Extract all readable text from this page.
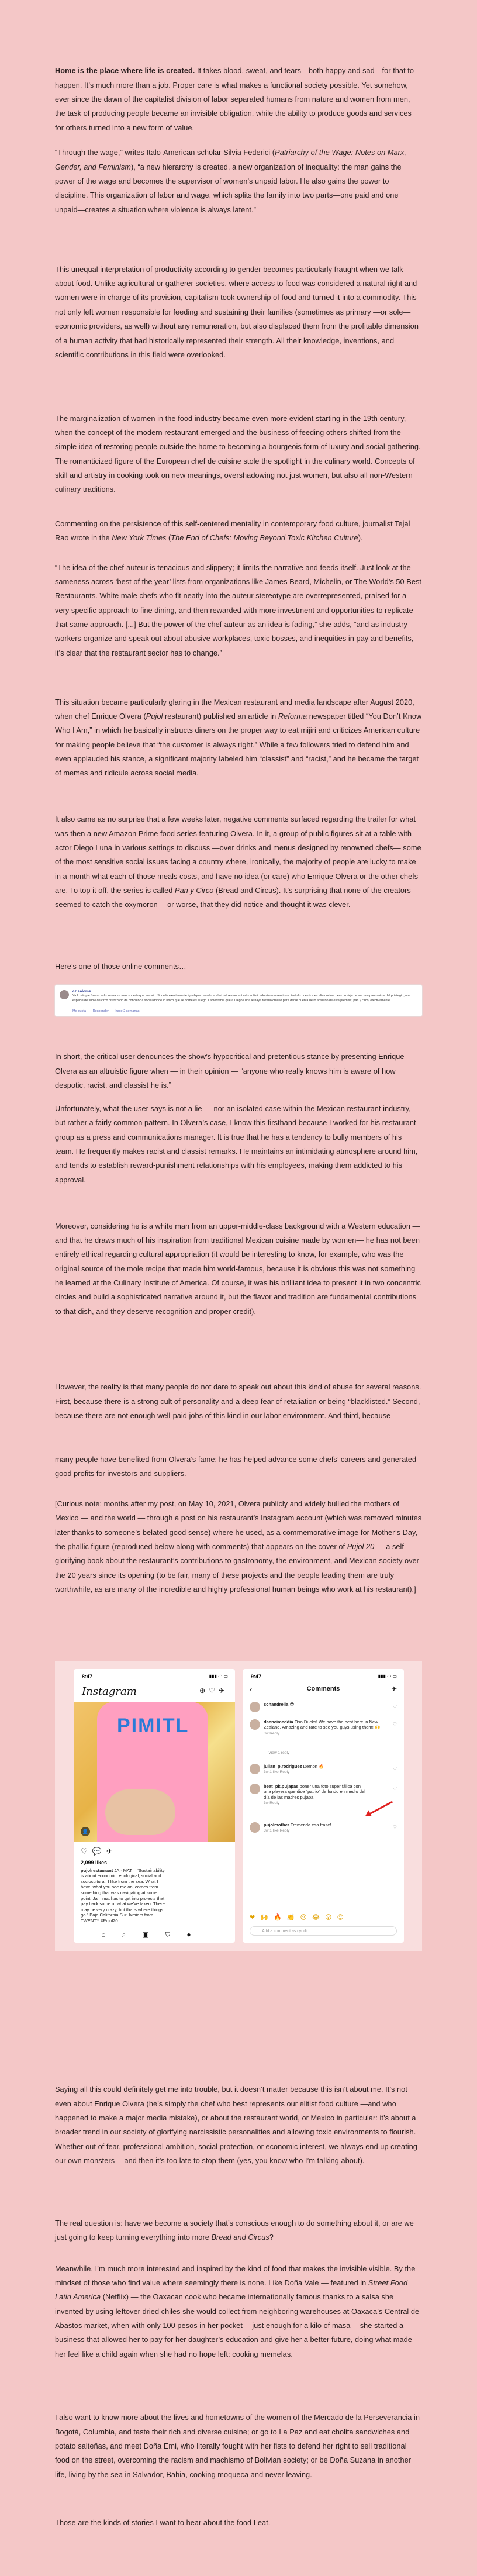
Home is the place where life is created. It takes blood, sweat, and tears—both happy and sad—for that to happen. It’s much more than a job. Proper care is what makes a functional society possible. Yet somehow, ever since the dawn of the capitalist division of labor separated humans from nature and women from men, the task of producing people became an invisible obligation, while the ability to produce goods and services for others turned into a new form of value.

“Through the wage,” writes Italo-American scholar Silvia Federici (Patriarchy of the Wage: Notes on Marx, Gender, and Feminism), “a new hierarchy is created, a new organization of inequality: the man gains the power of the wage and becomes the supervisor of women’s unpaid labor. He also gains the power to discipline. This organization of labor and wage, which splits the family into two parts—one paid and one unpaid—creates a situation where violence is always latent.”

This unequal interpretation of productivity according to gender becomes particularly fraught when we talk about food. Unlike agricultural or gatherer societies, where access to food was considered a natural right and women were in charge of its provision, capitalism took ownership of food and turned it into a commodity. This not only left women responsible for feeding and sustaining their families (sometimes as primary —or sole— economic providers, as well) without any remuneration, but also displaced them from the profitable dimension of a human activity that had historically represented their strength. All their knowledge, inventions, and scientific contributions in this field were overlooked.

The marginalization of women in the food industry became even more evident starting in the 19th century, when the concept of the modern restaurant emerged and the business of feeding others shifted from the simple idea of restoring people outside the home to becoming a bourgeois form of luxury and social gathering. The romanticized figure of the European chef de cuisine stole the spotlight in the culinary world. Concepts of skill and artistry in cooking took on new meanings, overshadowing not just women, but also all non-Western culinary traditions.

Commenting on the persistence of this self-centered mentality in contemporary food culture, journalist Tejal Rao wrote in the New York Times (The End of Chefs: Moving Beyond Toxic Kitchen Culture).

“The idea of the chef-auteur is tenacious and slippery; it limits the narrative and feeds itself. Just look at the sameness across ‘best of the year’ lists from organizations like James Beard, Michelin, or The World’s 50 Best Restaurants. White male chefs who fit neatly into the auteur stereotype are overrepresented, praised for a very specific approach to fine dining, and then rewarded with more investment and opportunities to replicate that same approach. [...] But the power of the chef-auteur as an idea is fading,” she adds, “and as industry workers organize and speak out about abusive workplaces, toxic bosses, and inequities in pay and benefits, it’s clear that the restaurant sector has to change.”

This situation became particularly glaring in the Mexican restaurant and media landscape after August 2020, when chef Enrique Olvera (Pujol restaurant) published an article in Reforma newspaper titled “You Don’t Know Who I Am,” in which he basically instructs diners on the proper way to eat mijiri and criticizes American culture for making people believe that “the customer is always right.” While a few followers tried to defend him and even applauded his stance, a significant majority labeled him “classist” and “racist,” and he became the target of memes and ridicule across social media.

It also came as no surprise that a few weeks later, negative comments surfaced regarding the trailer for what was then a new Amazon Prime food series featuring Olvera. In it, a group of public figures sit at a table with actor Diego Luna in various settings to discuss —over drinks and menus designed by renowned chefs— some of the most sensitive social issues facing a country where, ironically, the majority of people are lucky to make in a month what each of those meals costs, and have no idea (or care) who Enrique Olvera or the other chefs are. To top it off, the series is called Pan y Circo (Bread and Circus). It’s surprising that none of the creators seemed to catch the oxymoron —or worse, that they did notice and thought it was clever.

Here’s one of those online comments…

cz.salome
Ya lo sé que fueron todo lo cuadra mas sucede que me sé... Sucede exactamente igual que cuando el chef del restaurant más sofisticado viene a servirnos: todo lo que dice es alta cocina, pero no deja de ser una pantomima del privilegio, una especie de show de circo disfrazado de conciencia social donde lo único que se come es el ego. Lamentable que a Diego Luna le haya faltado criterio para darse cuenta de lo absurdo de esta premisa; pan y circo, efectivamente.
Me gusta Responder hace 2 semanas

In short, the critical user denounces the show’s hypocritical and pretentious stance by presenting Enrique Olvera as an altruistic figure when — in their opinion — “anyone who really knows him is aware of how despotic, racist, and classist he is.”

Unfortunately, what the user says is not a lie — nor an isolated case within the Mexican restaurant industry, but rather a fairly common pattern. In Olvera’s case, I know this firsthand because I worked for his restaurant group as a press and communications manager. It is true that he has a tendency to bully members of his team. He frequently makes racist and classist remarks. He maintains an intimidating atmosphere around him, and tends to establish reward-punishment relationships with his employees, making them addicted to his approval.

Moreover, considering he is a white man from an upper-middle-class background with a Western education —and that he draws much of his inspiration from traditional Mexican cuisine made by women— he has not been entirely ethical regarding cultural appropriation (it would be interesting to know, for example, who was the original source of the mole recipe that made him world-famous, because it is obvious this was not something he learned at the Culinary Institute of America. Of course, it was his brilliant idea to present it in two concentric circles and build a sophisticated narrative around it, but the flavor and tradition are fundamental contributions to that dish, and they deserve recognition and proper credit).

However, the reality is that many people do not dare to speak out about this kind of abuse for several reasons. First, because there is a strong cult of personality and a deep fear of retaliation or being “blacklisted.” Second, because there are not enough well-paid jobs of this kind in our labor environment. And third, because

many people have benefited from Olvera’s fame: he has helped advance some chefs’ careers and generated good profits for investors and suppliers.

[Curious note: months after my post, on May 10, 2021, Olvera publicly and widely bullied the mothers of Mexico — and the world — through a post on his restaurant’s Instagram account (which was removed minutes later thanks to someone’s belated good sense) where he used, as a commemorative image for Mother’s Day, the phallic figure (reproduced below along with comments) that appears on the cover of Pujol 20 — a self-glorifying book about the restaurant’s contributions to gastronomy, the environment, and Mexican society over the 20 years since its opening (to be fair, many of these projects and the people leading them are truly worthwhile, as are many of the incredible and highly professional human beings who work at his restaurant).]

8:47	▮▮▮ ◠ ▭
Instagram	⊕♡✈
PIMITL
👤
♡💬✈
2,099 likes
pujolrestaurant JA · MAT – “Sustainability is about economic, ecological, social and sociocultural. I like from the sea. What I have, what you see me on, comes from something that was navigating at some point. Ja – mat has to get into projects that pay back some of what we’ve taken. There may be very crazy, but that’s where things go.” Baja California Sur. Ixmiam from TWENTY #Pujol20
⌂⌕▣⛉●
9:47	▮▮▮ ◠ ▭
‹	Comments	✈
schandrella 😍	♡
daeneimeddia Oso Ducks! We have the best here in New Zealand. Amazing and rare to see you guys using them! 🙌
3w Reply
♡
— View 1 reply
julian_p.rodriguez Demon 🔥
3w 1 like Reply
♡
beat_pk.pujapas poner una foto super fálica con una playera que dice “patrio” de fondo en medio del día de las madres pujapa
3w Reply
♡
pujolmother Tremenda esa frase!
3w 1 like Reply
♡
❤ 🙌 🔥 👏 😢 😂 😮 😍
Add a comment as cyndil...

Saying all this could definitely get me into trouble, but it doesn’t matter because this isn’t about me. It’s not even about Enrique Olvera (he’s simply the chef who best represents our elitist food culture —and who happened to make a major media mistake), or about the restaurant world, or Mexico in particular: it’s about a broader trend in our society of glorifying narcissistic personalities and allowing toxic environments to flourish. Whether out of fear, professional ambition, social protection, or economic interest, we always end up creating our own monsters —and then it’s too late to stop them (yes, you know who I’m talking about).

The real question is: have we become a society that’s conscious enough to do something about it, or are we just going to keep turning everything into more Bread and Circus?

Meanwhile, I’m much more interested and inspired by the kind of food that makes the invisible visible. By the mindset of those who find value where seemingly there is none. Like Doña Vale — featured in Street Food Latin America (Netflix) — the Oaxacan cook who became internationally famous thanks to a salsa she invented by using leftover dried chiles she would collect from neighboring warehouses at Oaxaca’s Central de Abastos market, when with only 100 pesos in her pocket —just enough for a kilo of masa— she started a business that allowed her to pay for her daughter’s education and give her a better future, doing what made her feel like a child again when she had no hope left: cooking memelas.

I also want to know more about the lives and hometowns of the women of the Mercado de la Perseverancia in Bogotá, Columbia, and taste their rich and diverse cuisine; or go to La Paz and eat cholita sandwiches and potato salteñas, and meet Doña Emi, who literally fought with her fists to defend her right to sell traditional food on the street, overcoming the racism and machismo of Bolivian society; or be Doña Suzana in another life, living by the sea in Salvador, Bahia, cooking moqueca and never leaving.

Those are the kinds of stories I want to hear about the food I eat.
